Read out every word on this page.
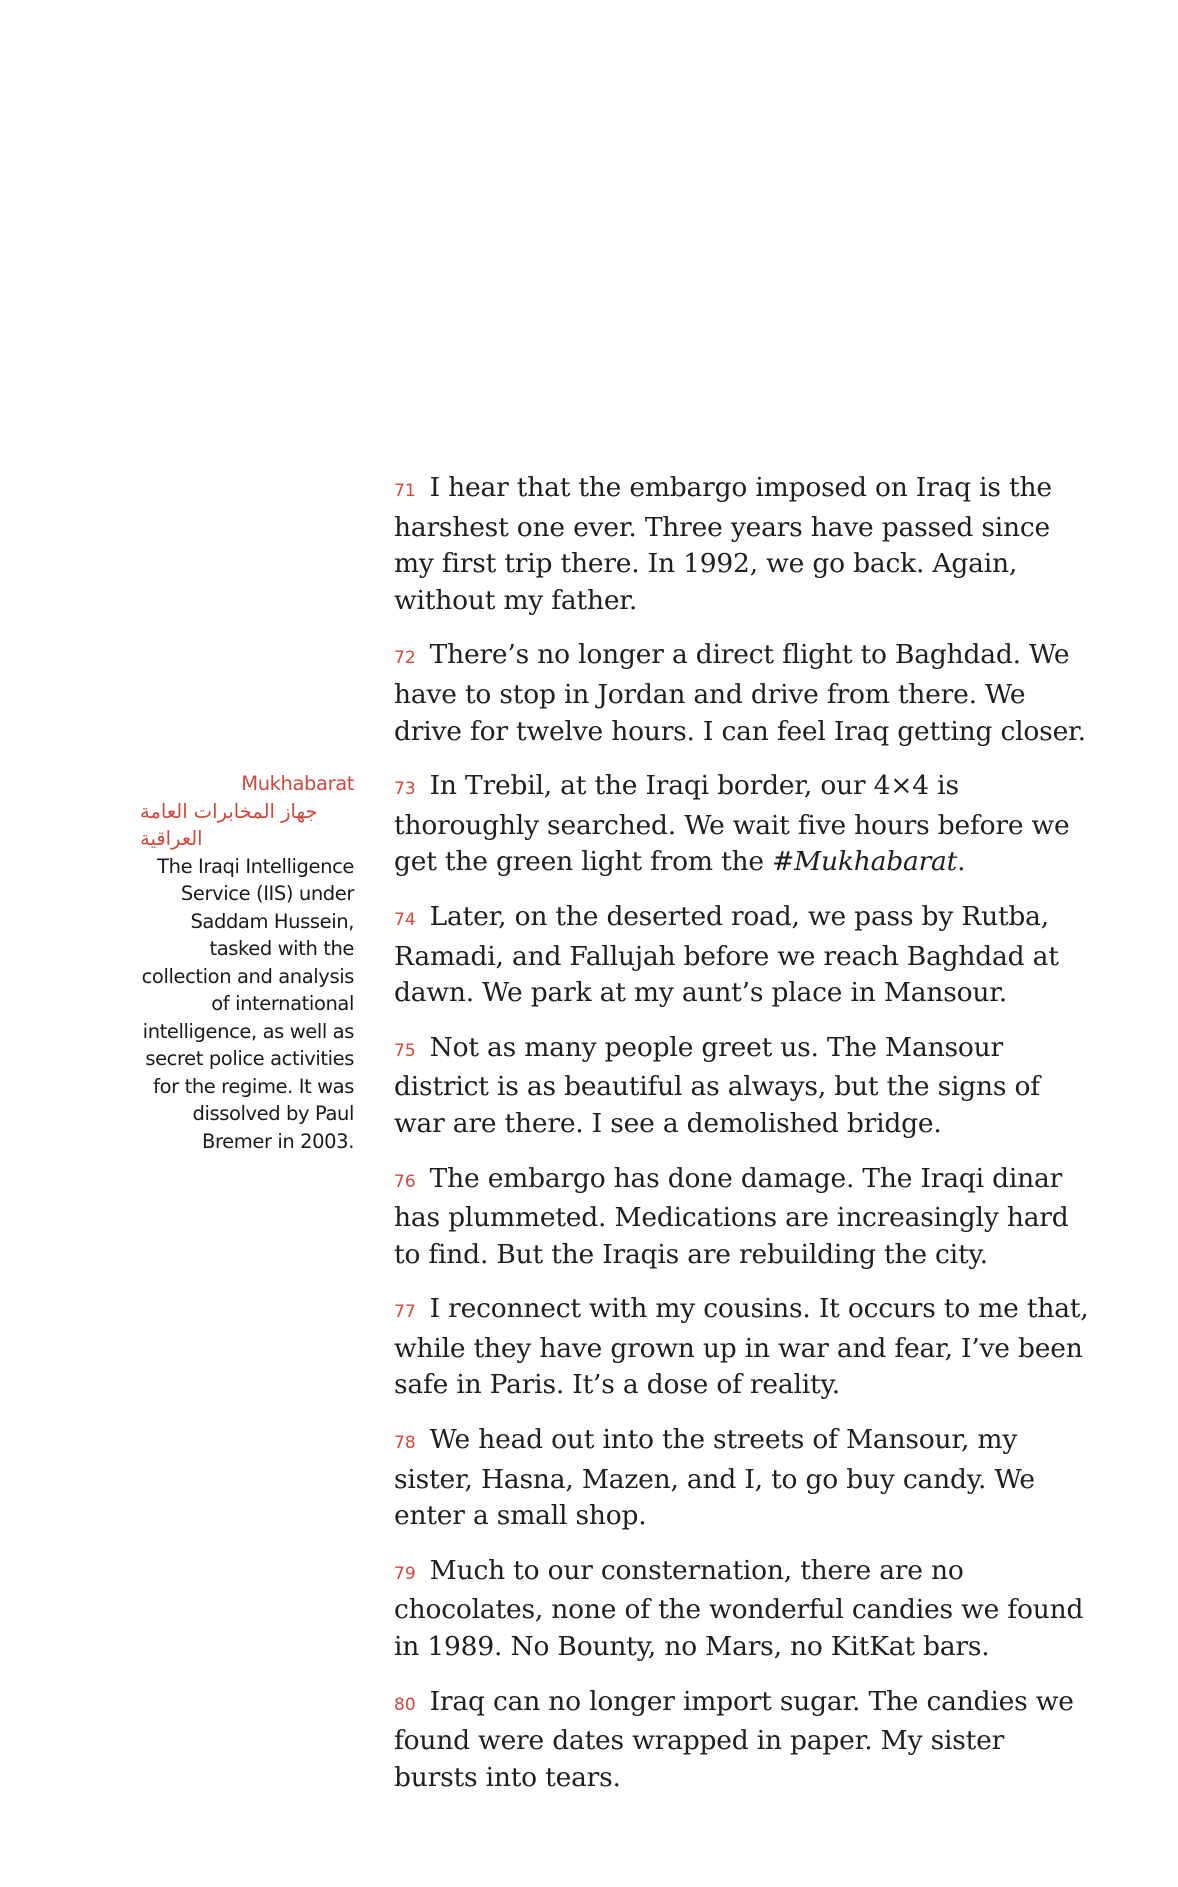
Mukhabarat
جهاز المخابرات العامة العراقية
The Iraqi Intelligence Service (IIS) under Saddam Hussein, tasked with the collection and analysis of international intelligence, as well as secret police activities for the regime. It was dissolved by Paul Bremer in 2003.

71 I hear that the embargo imposed on Iraq is the harshest one ever. Three years have passed since my first trip there. In 1992, we go back. Again, without my father.

72 There’s no longer a direct flight to Baghdad. We have to stop in Jordan and drive from there. We drive for twelve hours. I can feel Iraq getting closer.

73 In Trebil, at the Iraqi border, our 4×4 is thoroughly searched. We wait five hours before we get the green light from the #Mukhabarat.

74 Later, on the deserted road, we pass by Rutba, Ramadi, and Fallujah before we reach Baghdad at dawn. We park at my aunt’s place in Mansour.

75 Not as many people greet us. The Mansour district is as beautiful as always, but the signs of war are there. I see a demolished bridge.

76 The embargo has done damage. The Iraqi dinar has plummeted. Medications are increasingly hard to find. But the Iraqis are rebuilding the city.

77 I reconnect with my cousins. It occurs to me that, while they have grown up in war and fear, I’ve been safe in Paris. It’s a dose of reality.

78 We head out into the streets of Mansour, my sister, Hasna, Mazen, and I, to go buy candy. We enter a small shop.

79 Much to our consternation, there are no chocolates, none of the wonderful candies we found in 1989. No Bounty, no Mars, no KitKat bars.

80 Iraq can no longer import sugar. The candies we found were dates wrapped in paper. My sister bursts into tears.
